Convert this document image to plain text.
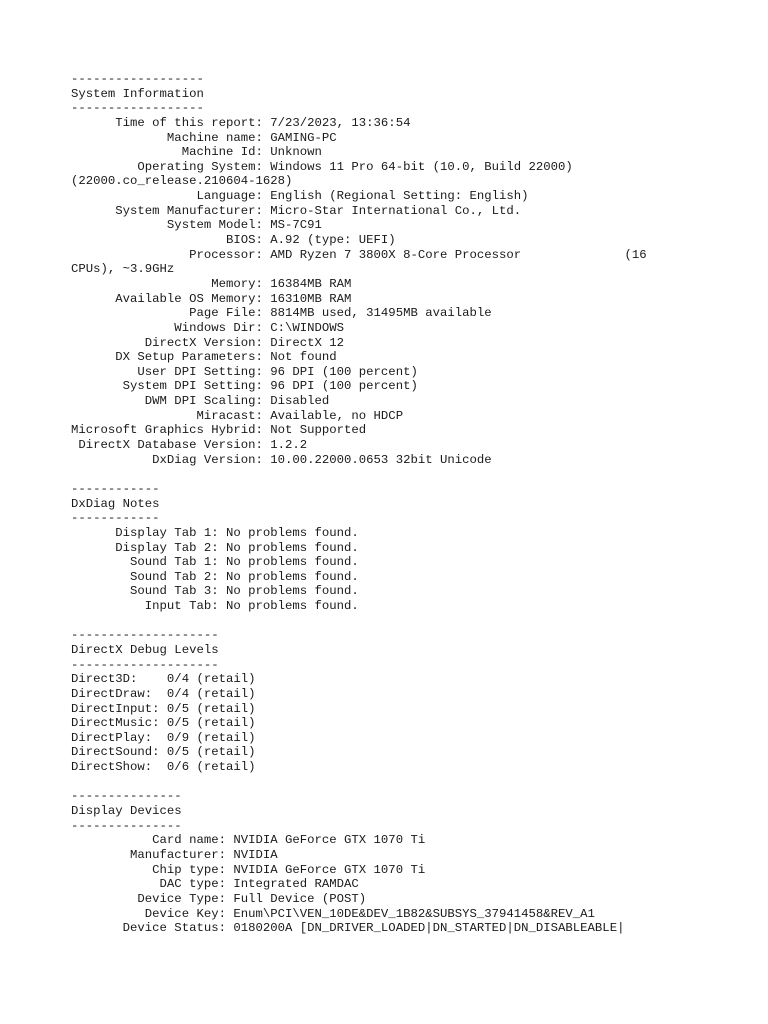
------------------
System Information
------------------
Time of this report: 7/23/2023, 13:36:54
Machine name: GAMING-PC
Machine Id: Unknown
Operating System: Windows 11 Pro 64-bit (10.0, Build 22000)
(22000.co_release.210604-1628)
Language: English (Regional Setting: English)
System Manufacturer: Micro-Star International Co., Ltd.
System Model: MS-7C91
BIOS: A.92 (type: UEFI)
Processor: AMD Ryzen 7 3800X 8-Core Processor              (16
CPUs), ~3.9GHz
Memory: 16384MB RAM
Available OS Memory: 16310MB RAM
Page File: 8814MB used, 31495MB available
Windows Dir: C:\WINDOWS
DirectX Version: DirectX 12
DX Setup Parameters: Not found
User DPI Setting: 96 DPI (100 percent)
System DPI Setting: 96 DPI (100 percent)
DWM DPI Scaling: Disabled
Miracast: Available, no HDCP
Microsoft Graphics Hybrid: Not Supported
DirectX Database Version: 1.2.2
DxDiag Version: 10.00.22000.0653 32bit Unicode
------------
DxDiag Notes
------------
Display Tab 1: No problems found.
Display Tab 2: No problems found.
Sound Tab 1: No problems found.
Sound Tab 2: No problems found.
Sound Tab 3: No problems found.
Input Tab: No problems found.
--------------------
DirectX Debug Levels
--------------------
Direct3D:    0/4 (retail)
DirectDraw:  0/4 (retail)
DirectInput: 0/5 (retail)
DirectMusic: 0/5 (retail)
DirectPlay:  0/9 (retail)
DirectSound: 0/5 (retail)
DirectShow:  0/6 (retail)
---------------
Display Devices
---------------
Card name: NVIDIA GeForce GTX 1070 Ti
Manufacturer: NVIDIA
Chip type: NVIDIA GeForce GTX 1070 Ti
DAC type: Integrated RAMDAC
Device Type: Full Device (POST)
Device Key: Enum\PCI\VEN_10DE&DEV_1B82&SUBSYS_37941458&REV_A1
Device Status: 0180200A [DN_DRIVER_LOADED|DN_STARTED|DN_DISABLEABLE|
